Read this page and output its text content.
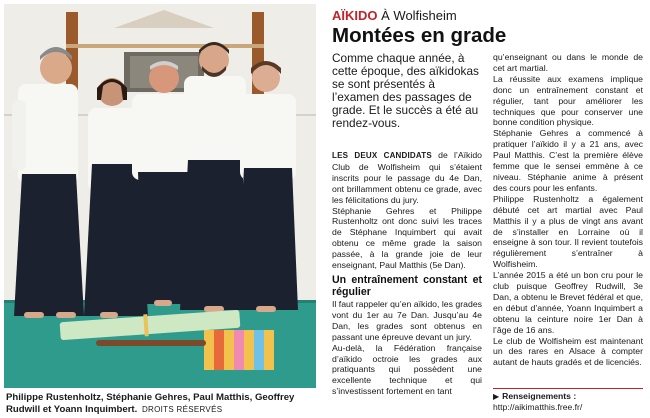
Philippe Rustenholtz, Stéphanie Gehres, Paul Matthis, Geoffrey Rudwill et Yoann Inquimbert. DROITS RÉSERVÉS
AÏKIDO À Wolfisheim
Montées en grade

Comme chaque année, à cette époque, des aïkidokas se sont présentés à l’examen des passages de grade. Et le succès a été au rendez-vous.

LES DEUX CANDIDATS de l’Aïkido Club de Wolfisheim qui s’étaient inscrits pour le passage du 4e Dan, ont brillamment obtenu ce grade, avec les félicitations du jury.

Stéphanie Gehres et Philippe Rustenholtz ont donc suivi les traces de Stéphane Inquimbert qui avait obtenu ce même grade la saison passée, à la grande joie de leur enseignant, Paul Matthis (5e Dan).

Un entraînement constant et régulier

Il faut rappeler qu’en aïkido, les grades vont du 1er au 7e Dan. Jusqu’au 4e Dan, les grades sont obtenus en passant une épreuve devant un jury.

Au-delà, la Fédération française d’aïkido octroie les grades aux pratiquants qui possèdent une excellente technique et qui s’investissent fortement en tant

qu’enseignant ou dans le monde de cet art martial.

La réussite aux examens implique donc un entraînement constant et régulier, tant pour améliorer les techniques que pour conserver une bonne condition physique.

Stéphanie Gehres a commencé à pratiquer l’aïkido il y a 21 ans, avec Paul Matthis. C’est la première élève femme que le sensei emmène à ce niveau. Stéphanie anime à présent des cours pour les enfants.

Philippe Rustenholtz a également débuté cet art martial avec Paul Matthis il y a plus de vingt ans avant de s’installer en Lorraine où il enseigne à son tour. Il revient toutefois régulièrement s’entraîner à Wolfisheim.

L’année 2015 a été un bon cru pour le club puisque Geoffrey Rudwill, 3e Dan, a obtenu le Brevet fédéral et que, en début d’année, Yoann Inquimbert a obtenu la ceinture noire 1er Dan à l’âge de 16 ans.

Le club de Wolfisheim est maintenant un des rares en Alsace à compter autant de hauts gradés et de licenciés.

▶ Renseignements :
http://aikimatthis.free.fr/
